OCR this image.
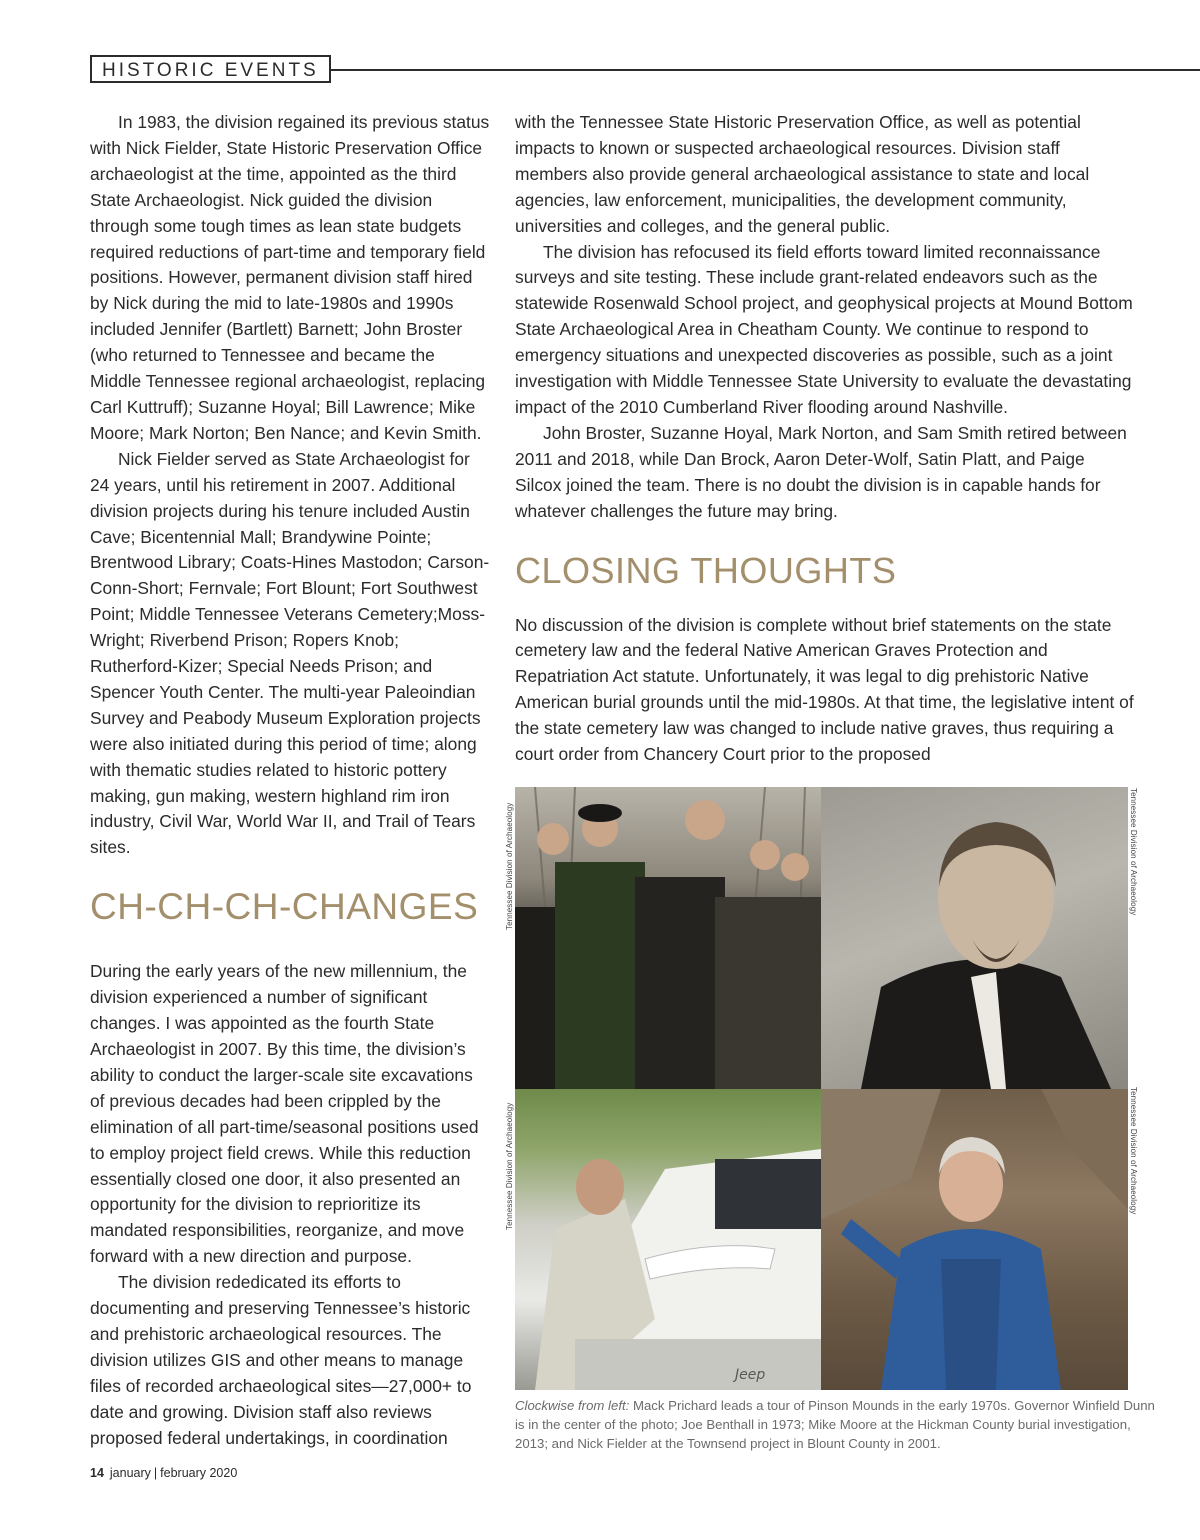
HISTORIC EVENTS

In 1983, the division regained its previous status with Nick Fielder, State Historic Preservation Office archaeologist at the time, appointed as the third State Archaeologist. Nick guided the division through some tough times as lean state budgets required reductions of part-time and temporary field positions. However, permanent division staff hired by Nick during the mid to late-1980s and 1990s included Jennifer (Bartlett) Barnett; John Broster (who returned to Tennessee and became the Middle Tennessee regional archaeologist, replacing Carl Kuttruff); Suzanne Hoyal; Bill Lawrence; Mike Moore; Mark Norton; Ben Nance; and Kevin Smith.

Nick Fielder served as State Archaeologist for 24 years, until his retirement in 2007. Additional division projects during his tenure included Austin Cave; Bicentennial Mall; Brandywine Pointe; Brentwood Library; Coats-Hines Mastodon; Carson-Conn-Short; Fernvale; Fort Blount; Fort Southwest Point; Middle Tennessee Veterans Cemetery;Moss-Wright; Riverbend Prison; Ropers Knob; Rutherford-Kizer; Special Needs Prison; and Spencer Youth Center. The multi-year Paleoindian Survey and Peabody Museum Exploration projects were also initiated during this period of time; along with thematic studies related to historic pottery making, gun making, western highland rim iron industry, Civil War, World War II, and Trail of Tears sites.

CH-CH-CH-CHANGES

During the early years of the new millennium, the division experienced a number of significant changes. I was appointed as the fourth State Archaeologist in 2007. By this time, the division’s ability to conduct the larger-scale site excavations of previous decades had been crippled by the elimination of all part-time/seasonal positions used to employ project field crews. While this reduction essentially closed one door, it also presented an opportunity for the division to reprioritize its mandated responsibilities, reorganize, and move forward with a new direction and purpose.

The division rededicated its efforts to documenting and preserving Tennessee’s historic and prehistoric archaeological resources. The division utilizes GIS and other means to manage files of recorded archaeological sites—27,000+ to date and growing. Division staff also reviews proposed federal undertakings, in coordination

with the Tennessee State Historic Preservation Office, as well as potential impacts to known or suspected archaeological resources. Division staff members also provide general archaeological assistance to state and local agencies, law enforcement, municipalities, the development community, universities and colleges, and the general public.

The division has refocused its field efforts toward limited reconnaissance surveys and site testing. These include grant-related endeavors such as the statewide Rosenwald School project, and geophysical projects at Mound Bottom State Archaeological Area in Cheatham County. We continue to respond to emergency situations and unexpected discoveries as possible, such as a joint investigation with Middle Tennessee State University to evaluate the devastating impact of the 2010 Cumberland River flooding around Nashville.

John Broster, Suzanne Hoyal, Mark Norton, and Sam Smith retired between 2011 and 2018, while Dan Brock, Aaron Deter-Wolf, Satin Platt, and Paige Silcox joined the team. There is no doubt the division is in capable hands for whatever challenges the future may bring.

CLOSING THOUGHTS

No discussion of the division is complete without brief statements on the state cemetery law and the federal Native American Graves Protection and Repatriation Act statute. Unfortunately, it was legal to dig prehistoric Native American burial grounds until the mid-1980s. At that time, the legislative intent of the state cemetery law was changed to include native graves, thus requiring a court order from Chancery Court prior to the proposed

Jeep
Tennessee Division of Archaeology	Tennessee Division of Archaeology
Tennessee Division of Archaeology	Tennessee Division of Archaeology
Clockwise from left: Mack Prichard leads a tour of Pinson Mounds in the early 1970s. Governor Winfield Dunn is in the center of the photo; Joe Benthall in 1973; Mike Moore at the Hickman County burial investigation, 2013; and Nick Fielder at the Townsend project in Blount County in 2001.
14 january | february 2020
